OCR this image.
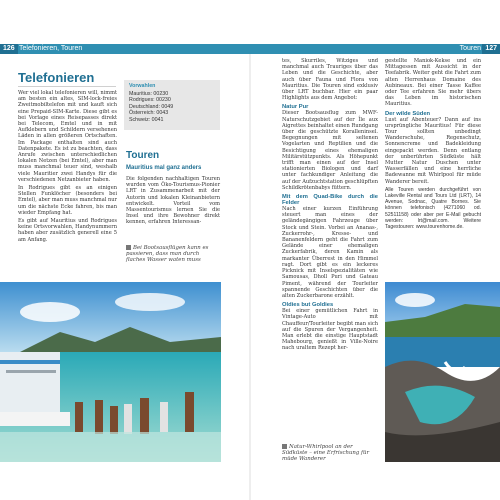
126 Telefonieren, Touren	Touren 127
Telefonieren
Wer viel lokal telefonieren will, nimmt am besten ein altes, SIM-lock-freies Zweitmobiltelefon mit und kauft sich eine Prepaid-SIM-Karte. Diese gibt es bei Vorlage eines Reisepasses direkt bei Telecom, Emtel und in mit Aufklebern und Schildern versehenen Läden in allen größeren Ortschaften. Im Package enthalten sind auch Datenpakete. Es ist zu beachten, dass Anrufe zwischen unterschiedlichen lokalen Netzen (bei Emtel), aber man muss manchmal teuer sind, weshalb viele Mauritier zwei Handys für die verschiedenen Netzanbieter haben.
In Rodrigues gibt es an einigen Stellen Funklöcher (besonders bei Emtel), aber man muss manchmal nur um die nächste Ecke fahren, bis man wieder Empfang hat.
Es gibt auf Mauritius und Rodrigues keine Ortsvorwahlen, Handynummern haben aber zusätzlich generell eine 5 am Anfang.
Vorwahlen
Mauritius: 00230
Rodrigues: 00230
Deutschland: 0049
Österreich: 0043
Schweiz: 0041
Touren
Mauritius mal ganz anders
Die folgenden nachhaltigen Touren wurden vom Öko-Tourismus-Pionier LRT in Zusammenarbeit mit der Autorin und lokalen Kleinanbietern entwickelt. Vorteil vom Massentourismus lernen Sie die Insel und ihre Bewohner direkt kennen, erfahren Interessan-
Bei Bootsausflügen kann es passieren, dass man durch flaches Wasser waten muss
tes, Skurriles, Witziges und manchmal auch Trauriges über das Leben und die Geschichte, aber auch über Fauna und Flora von Mauritius. Die Touren sind exklusiv über LRT buchbar. Hier ein paar Highlights aus dem Angebot:
Natur Pur
Dieser Bootsausflug zum MWF-Naturschutzgebiet auf der Île aux Aigrettes beinhaltet einen Rundgang über die geschützte Koralleninsel. Begegnungen mit seltenen Vogelarten und Reptilien und die Besichtigung eines ehemaligen Militärstützpunkts. Als Höhepunkt trifft man einen auf der Insel stationierten Biologen und darf unter fachkundiger Anleitung die auf der Aufzuchtstation geschlüpften Schildkrötenbabys füttern.
Mit dem Quad-Bike durch die Felder
Nach einer kurzen Einführung steuert man eines der geländegängigen Fahrzeuge über Stock und Stein. Vorbei an Ananas-, Zuckerrohr-, Kresse- und Bananenfeldern geht die Fahrt zum Gelände einer ehemaligen Zuckerfabrik, deren Kamin als markanter Überrest in den Himmel ragt. Dort gibt es ein leckeres Picknick mit Inselspezialitäten wie Samousas, Dholl Puri und Gateau Piment, während der Tourleiter spannende Geschichten über die alten Zuckerbarone erzählt.
Oldies but Goldies
Bei einer gemütlichen Fahrt in Vintage-Auto mit Chauffeur/Tourleiter begibt man sich auf die Spuren der Vergangenheit. Man erlebt die einstige Hauptstadt Mahebourg, genießt in Ville-Noire nach uraltem Rezept her-
gestellte Maniok-Kekse und ein Mittagessen mit Aussicht in der Teefabrik. Weiter geht die Fahrt zum alten Herrenhaus Domaine des Aubineaux. Bei einer Tasse Kaffee oder Tee erfahren Sie mehr übers das Leben im historischen Mauritius.
Der wilde Süden
Lust auf Abenteuer? Dann auf ins ursprüngliche Mauritius! Für diese Tour sollten unbedingt Wanderschuhe, Regenschutz, Sonnencreme und Badekleidung eingepackt werden. Denn entlang der unberührten Südküste hält Mutter Natur Duschen unter Wasserfällen und eine herrliche Badewanne mit Whirlpool für müde Wanderer bereit.
Alle Touren werden durchgeführt von Lakeville Rental and Tours Ltd (LRT), 14 Avenue, Sodnac, Quatre Bornes. Sie können telefonisch (4271060 od. 52511158) oder aber per E-Mail gebucht werden: lrt@mail.com. Weitere Tagestouren: www.tourenhome.de.
Natur-Whirlpool an der Südküste – eine Erfrischung für müde Wanderer
